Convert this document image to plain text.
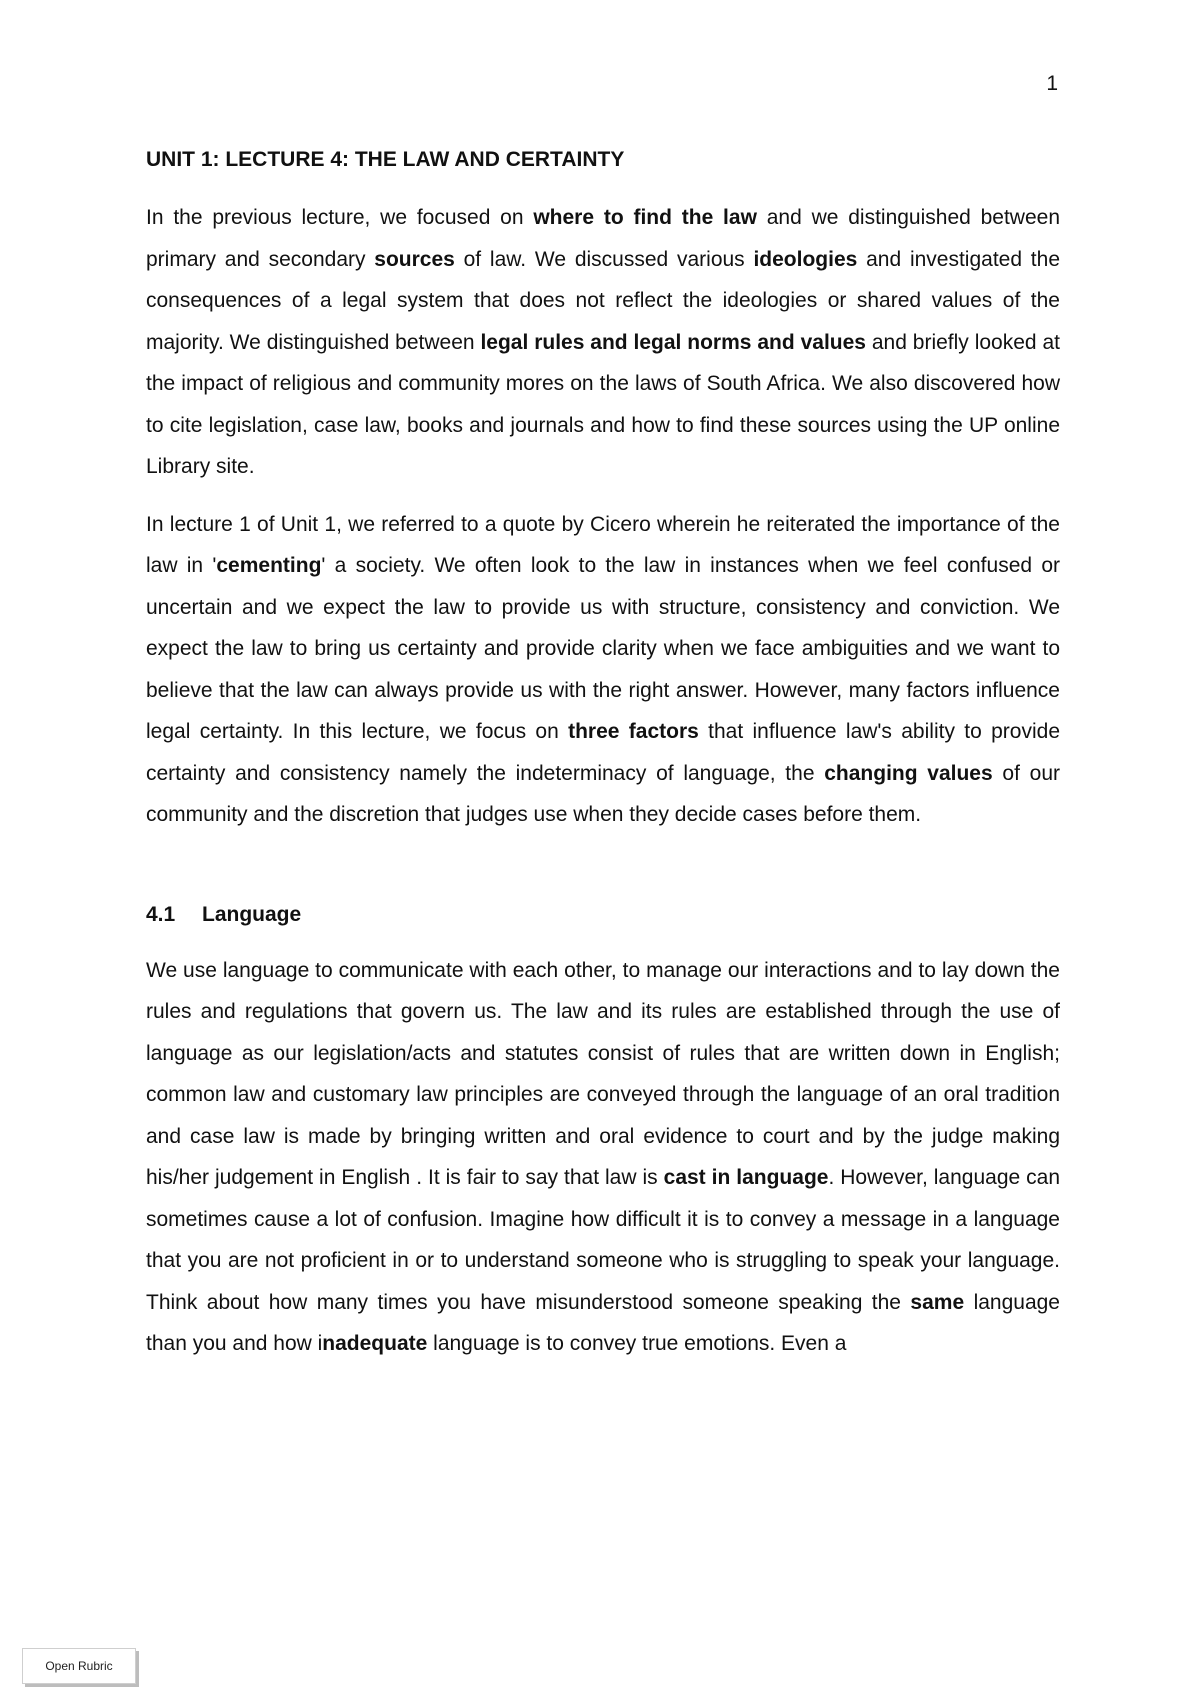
1
UNIT 1: LECTURE 4: THE LAW AND CERTAINTY

In the previous lecture, we focused on where to find the law and we distinguished between primary and secondary sources of law. We discussed various ideologies and investigated the consequences of a legal system that does not reflect the ideologies or shared values of the majority. We distinguished between legal rules and legal norms and values and briefly looked at the impact of religious and community mores on the laws of South Africa. We also discovered how to cite legislation, case law, books and journals and how to find these sources using the UP online Library site.

In lecture 1 of Unit 1, we referred to a quote by Cicero wherein he reiterated the importance of the law in 'cementing' a society. We often look to the law in instances when we feel confused or uncertain and we expect the law to provide us with structure, consistency and conviction. We expect the law to bring us certainty and provide clarity when we face ambiguities and we want to believe that the law can always provide us with the right answer. However, many factors influence legal certainty. In this lecture, we focus on three factors that influence law's ability to provide certainty and consistency namely the indeterminacy of language, the changing values of our community and the discretion that judges use when they decide cases before them.

4.1 Language

We use language to communicate with each other, to manage our interactions and to lay down the rules and regulations that govern us. The law and its rules are established through the use of language as our legislation/acts and statutes consist of rules that are written down in English; common law and customary law principles are conveyed through the language of an oral tradition and case law is made by bringing written and oral evidence to court and by the judge making his/her judgement in English . It is fair to say that law is cast in language. However, language can sometimes cause a lot of confusion. Imagine how difficult it is to convey a message in a language that you are not proficient in or to understand someone who is struggling to speak your language. Think about how many times you have misunderstood someone speaking the same language than you and how inadequate language is to convey true emotions. Even a

Open Rubric
